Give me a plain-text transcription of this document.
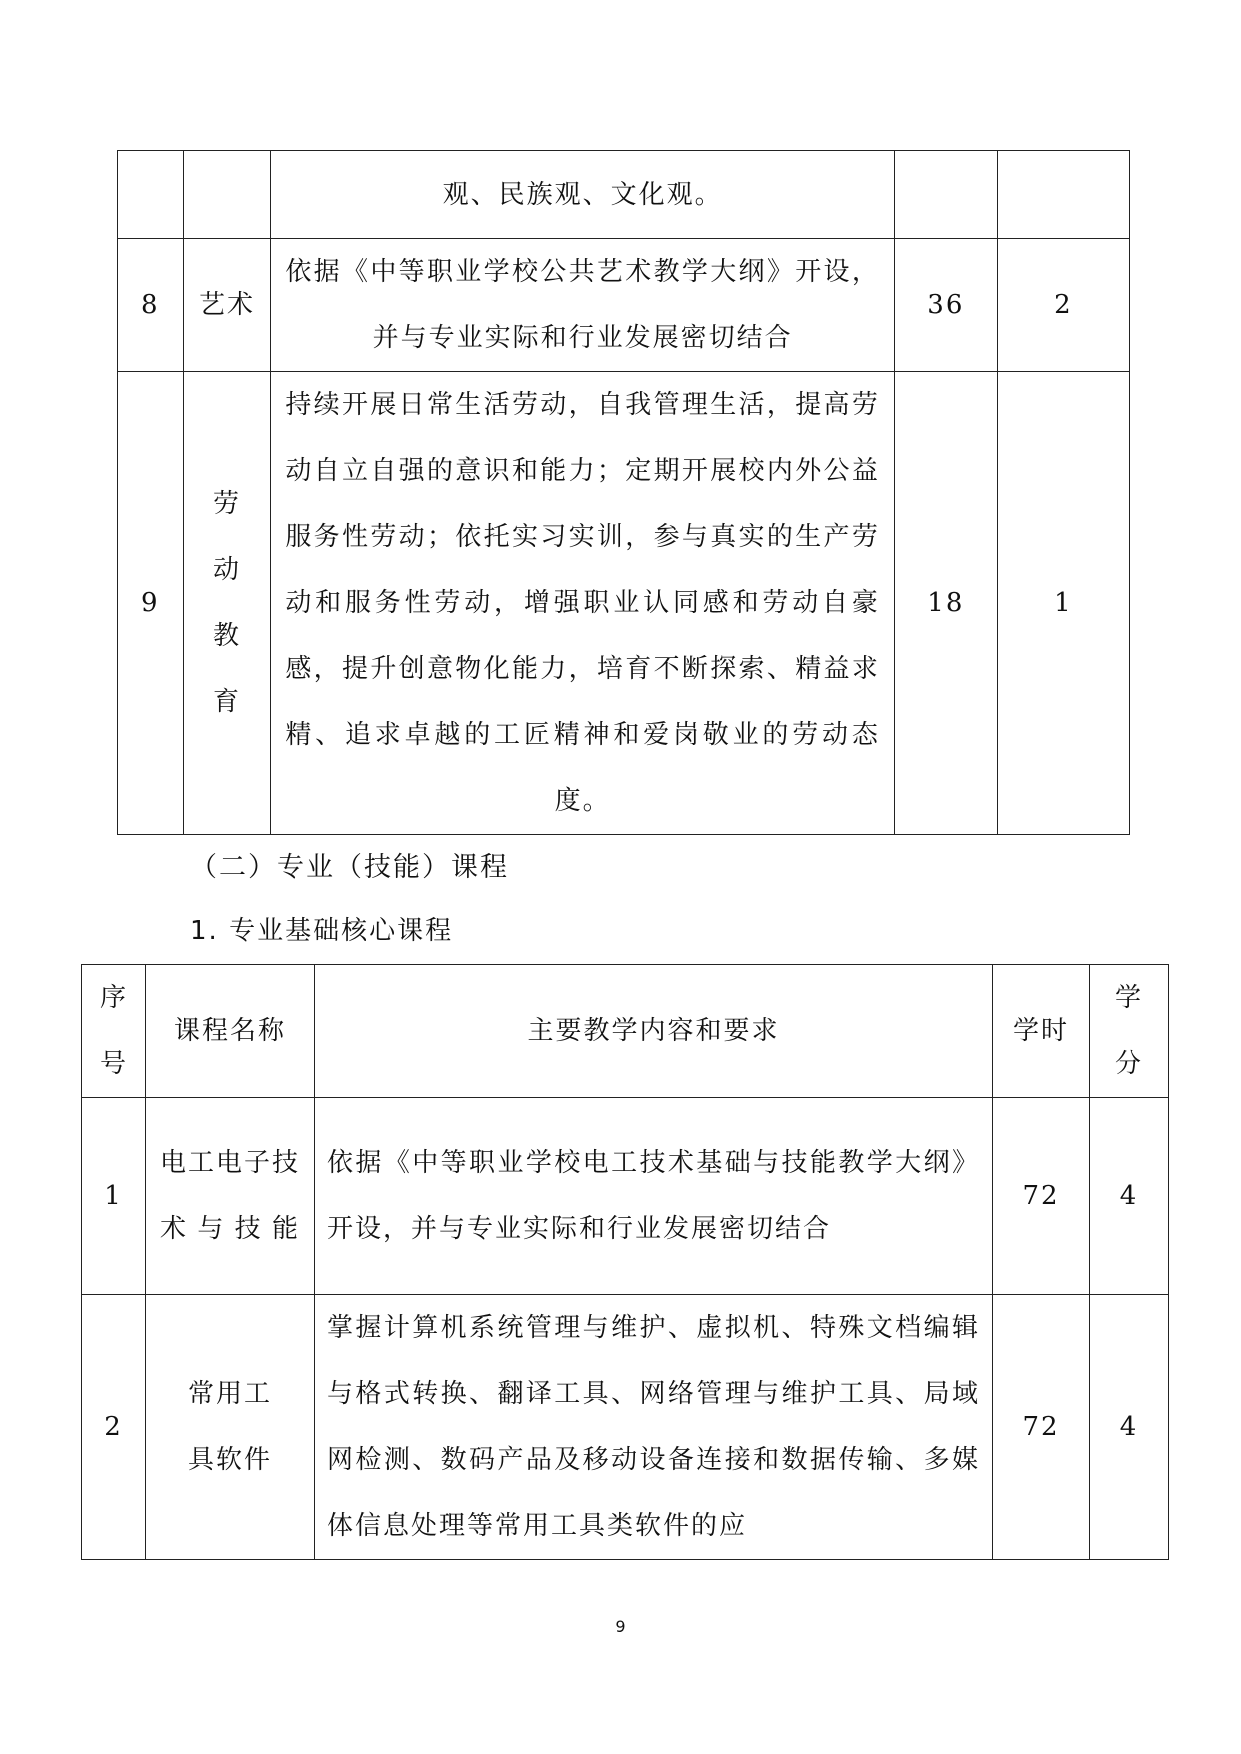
		观、民族观、文化观。		
8	艺术	依据《中等职业学校公共艺术教学大纲》开设，并与专业实际和行业发展密切结合	36	2
9	劳动教育	持续开展日常生活劳动，自我管理生活，提高劳动自立自强的意识和能力；定期开展校内外公益服务性劳动；依托实习实训，参与真实的生产劳动和服务性劳动，增强职业认同感和劳动自豪感，提升创意物化能力，培育不断探索、精益求精、追求卓越的工匠精神和爱岗敬业的劳动态度。	18	1
（二）专业（技能）课程
1. 专业基础核心课程
序号	课程名称	主要教学内容和要求	学时	学分
1	电工电子技术与技能	依据《中等职业学校电工技术基础与技能教学大纲》开设，并与专业实际和行业发展密切结合	72	4
2	常用工具软件	掌握计算机系统管理与维护、虚拟机、特殊文档编辑与格式转换、翻译工具、网络管理与维护工具、局域网检测、数码产品及移动设备连接和数据传输、多媒体信息处理等常用工具类软件的应	72	4
9
